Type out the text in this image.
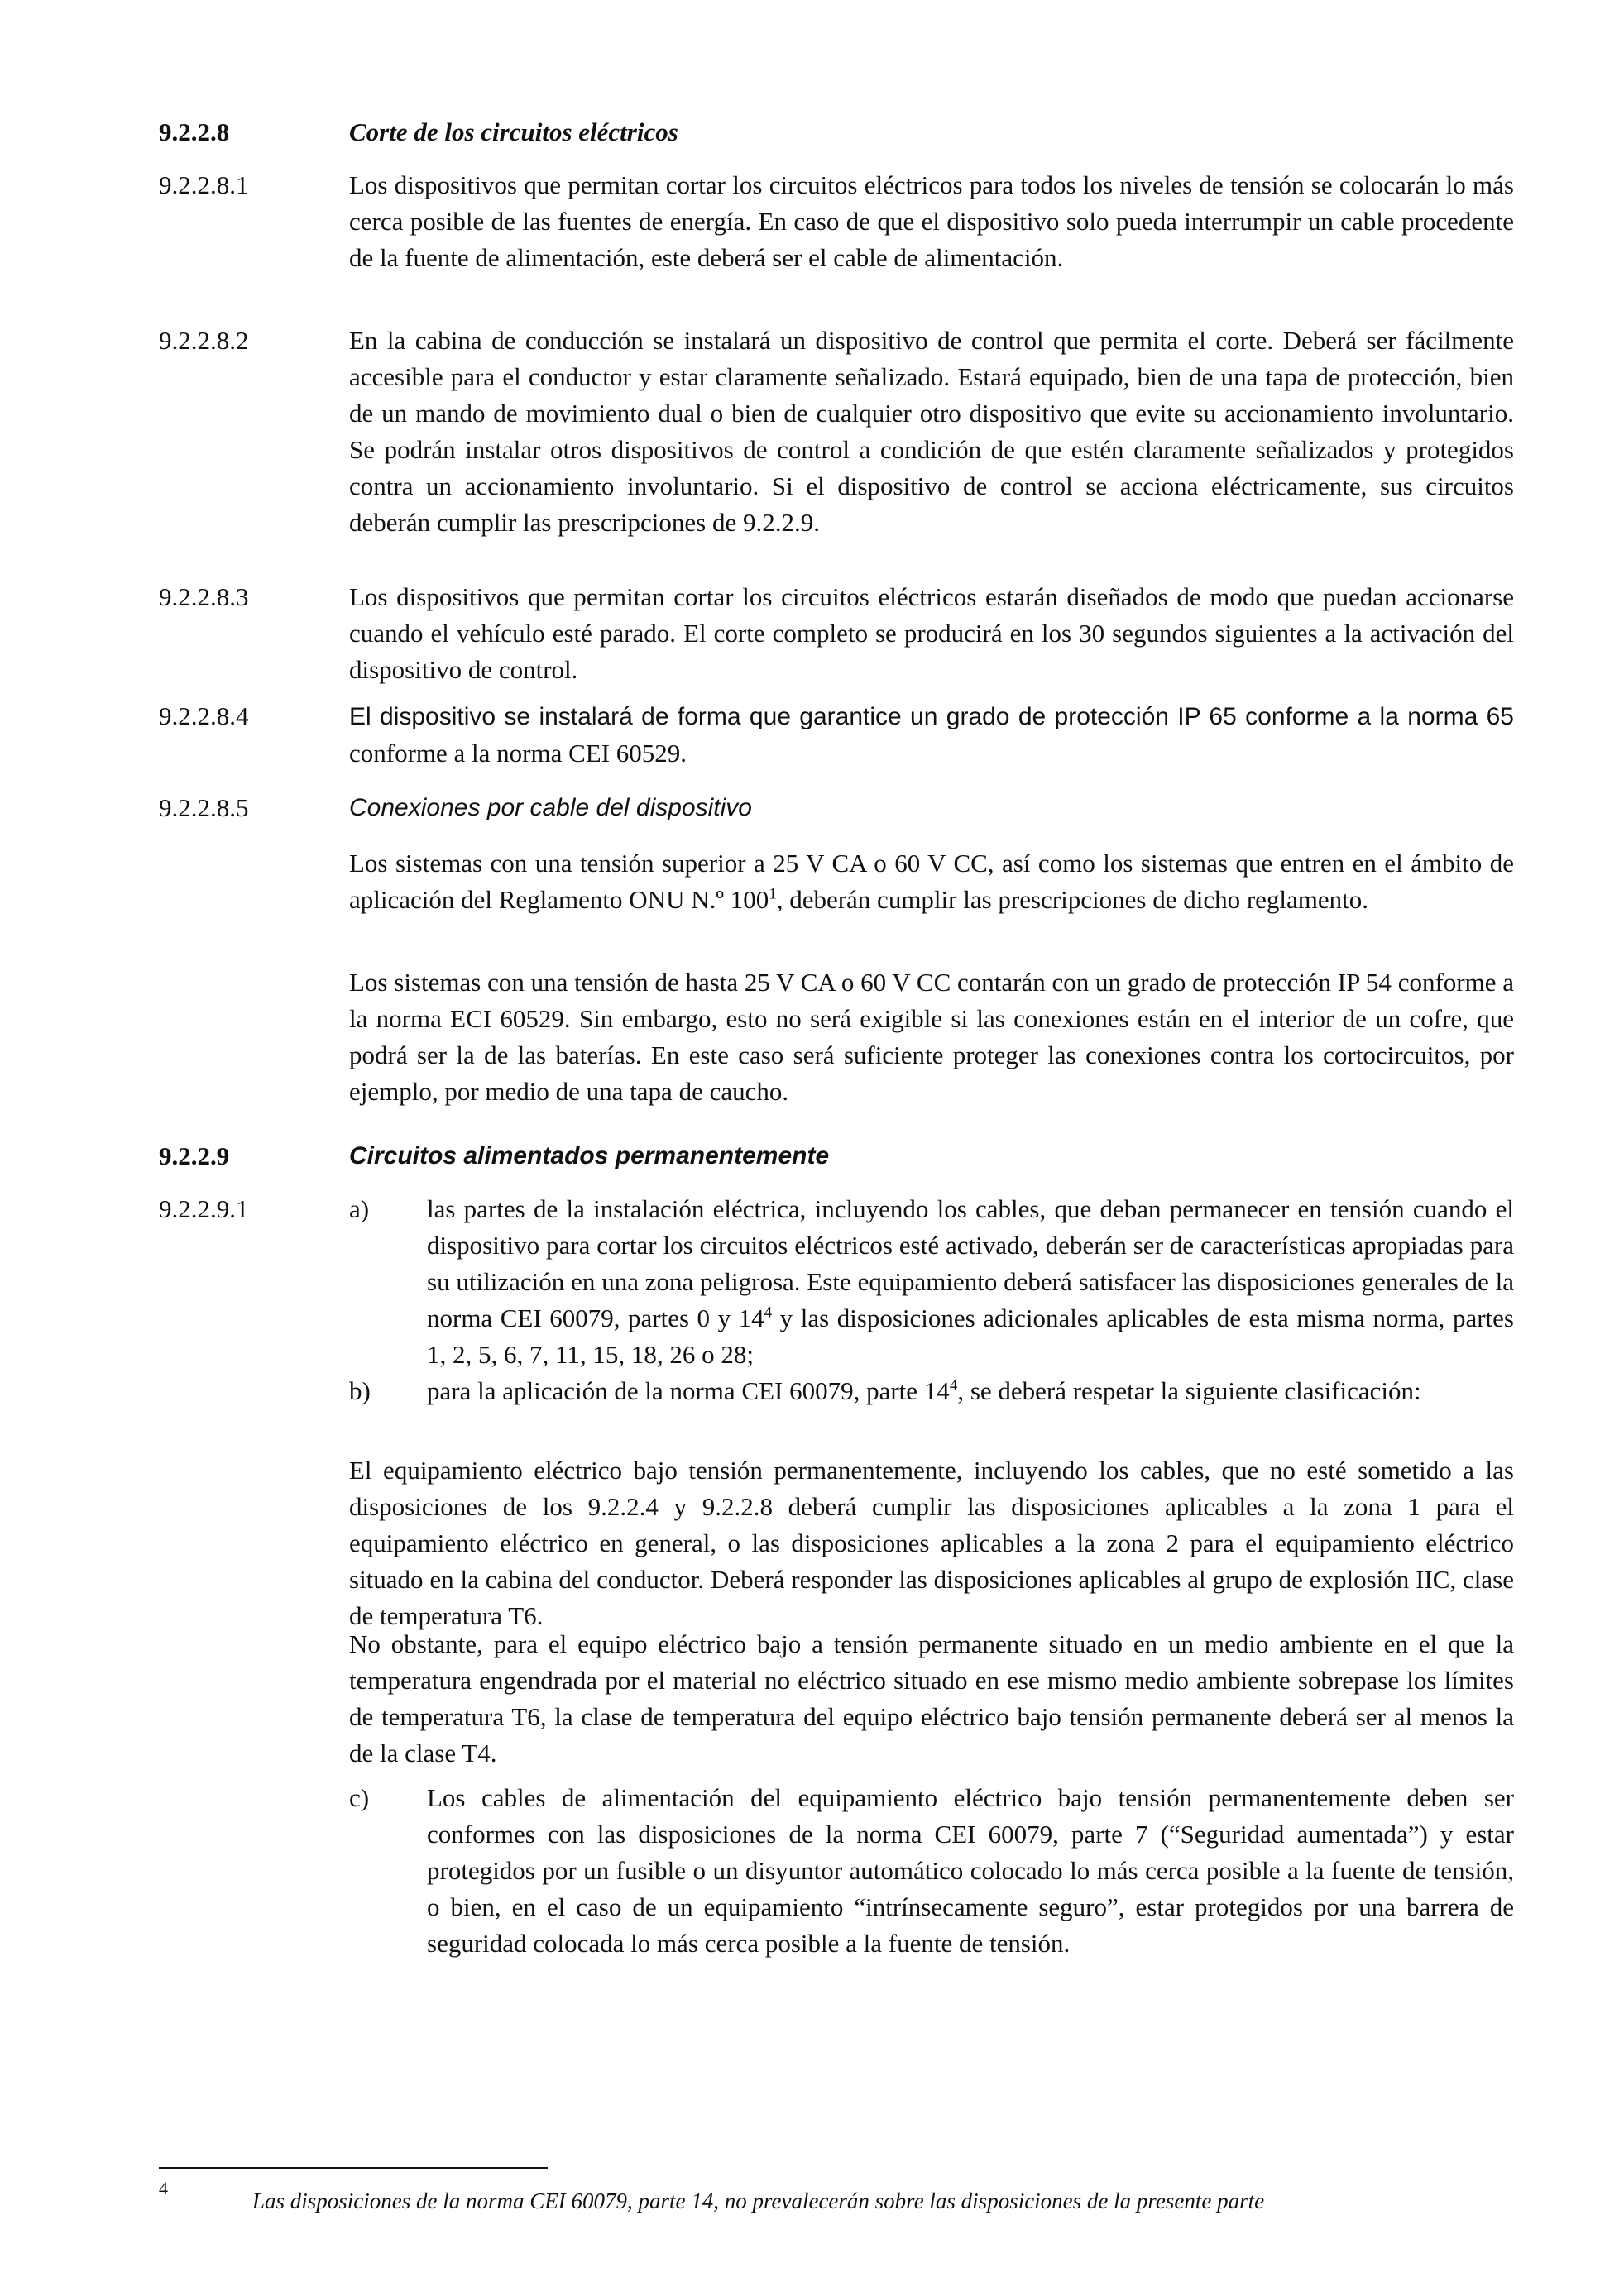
9.2.2.8	Corte de los circuitos eléctricos
9.2.2.8.1	Los dispositivos que permitan cortar los circuitos eléctricos para todos los niveles de tensión se colocarán lo más cerca posible de las fuentes de energía. En caso de que el dispositivo solo pueda interrumpir un cable procedente de la fuente de alimentación, este deberá ser el cable de alimentación.
9.2.2.8.2	En la cabina de conducción se instalará un dispositivo de control que permita el corte. Deberá ser fácilmente accesible para el conductor y estar claramente señalizado. Estará equipado, bien de una tapa de protección, bien de un mando de movimiento dual o bien de cualquier otro dispositivo que evite su accionamiento involuntario. Se podrán instalar otros dispositivos de control a condición de que estén claramente señalizados y protegidos contra un accionamiento involuntario. Si el dispositivo de control se acciona eléctricamente, sus circuitos deberán cumplir las prescripciones de 9.2.2.9.
9.2.2.8.3	Los dispositivos que permitan cortar los circuitos eléctricos estarán diseñados de modo que puedan accionarse cuando el vehículo esté parado. El corte completo se producirá en los 30 segundos siguientes a la activación del dispositivo de control.
9.2.2.8.4	El dispositivo se instalará de forma que garantice un grado de protección IP 65 conforme a la norma 65 conforme a la norma CEI 60529.
9.2.2.8.5	Conexiones por cable del dispositivo
Los sistemas con una tensión superior a 25 V CA o 60 V CC, así como los sistemas que entren en el ámbito de aplicación del Reglamento ONU N.º $100^1$, deberán cumplir las prescripciones de dicho reglamento.
Los sistemas con una tensión de hasta 25 V CA o 60 V CC contarán con un grado de protección IP 54 conforme a la norma ECI 60529. Sin embargo, esto no será exigible si las conexiones están en el interior de un cofre, que podrá ser la de las baterías. En este caso será suficiente proteger las conexiones contra los cortocircuitos, por ejemplo, por medio de una tapa de caucho.
9.2.2.9	Circuitos alimentados permanentemente
9.2.2.9.1	a) las partes de la instalación eléctrica, incluyendo los cables, que deban permanecer en tensión cuando el dispositivo para cortar los circuitos eléctricos esté activado, deberán ser de características apropiadas para su utilización en una zona peligrosa. Este equipamiento deberá satisfacer las disposiciones generales de la norma CEI 60079, partes 0 y $14^4$ y las disposiciones adicionales aplicables de esta misma norma, partes 1, 2, 5, 6, 7, 11, 15, 18, 26 o 28;
b) para la aplicación de la norma CEI 60079, parte $14^4$, se deberá respetar la siguiente clasificación:
El equipamiento eléctrico bajo tensión permanentemente, incluyendo los cables, que no esté sometido a las disposiciones de los 9.2.2.4 y 9.2.2.8 deberá cumplir las disposiciones aplicables a la zona 1 para el equipamiento eléctrico en general, o las disposiciones aplicables a la zona 2 para el equipamiento eléctrico situado en la cabina del conductor. Deberá responder las disposiciones aplicables al grupo de explosión IIC, clase de temperatura T6.
No obstante, para el equipo eléctrico bajo a tensión permanente situado en un medio ambiente en el que la temperatura engendrada por el material no eléctrico situado en ese mismo medio ambiente sobrepase los límites de temperatura T6, la clase de temperatura del equipo eléctrico bajo tensión permanente deberá ser al menos la de la clase T4.
c) Los cables de alimentación del equipamiento eléctrico bajo tensión permanentemente deben ser conformes con las disposiciones de la norma CEI 60079, parte 7 (“Seguridad aumentada”) y estar protegidos por un fusible o un disyuntor automático colocado lo más cerca posible a la fuente de tensión, o bien, en el caso de un equipamiento “intrínsecamente seguro”, estar protegidos por una barrera de seguridad colocada lo más cerca posible a la fuente de tensión.
4
Las disposiciones de la norma CEI 60079, parte 14, no prevalecerán sobre las disposiciones de la presente parte
